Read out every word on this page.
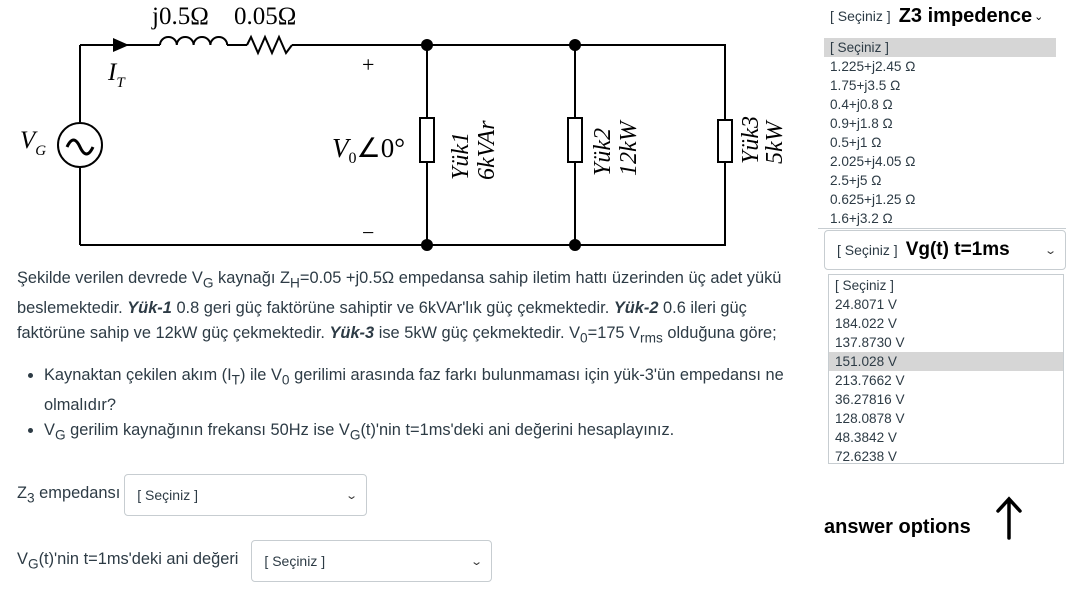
j0.5Ω 0.05Ω
$I_T$
$V_G$
+
−
$V_0\angle 0^\circ$ Yük1 6kVAr	Yük2 12kW	Yük3
5kW

Şekilde verilen devrede $V_G$ kaynağı $Z_H=0.05 +j0.5\Omega$ empedansa sahip iletim hattı üzerinden üç adet yükü beslemektedir. Yük-1 0.8 geri güç faktörüne sahiptir ve 6kVAr'lık güç çekmektedir. Yük-2 0.6 ileri güç faktörüne sahip ve 12kW güç çekmektedir. Yük-3 ise 5kW güç çekmektedir. $V_0=175$ $V_{rms}$ olduğuna göre;

• Kaynaktan çekilen akım $(I_T)$ ile $V_0$ gerilimi arasında faz farkı bulunmaması için yük-3'ün empedansı ne olmalıdır?
• $V_G$ gerilim kaynağının frekansı 50Hz ise $V_G(t)'nin$ t=1ms'deki ani değerini hesaplayınız.
$Z_3$ empedansı [ Seçiniz ]	⌄
$V_G(t)'nin$ t=1ms'deki ani değeri [ Seçiniz ]	⌄
[ Seçiniz ] Z3 impedence ⌄
[ Seçiniz ]
1.225+j2.45 Ω
1.75+j3.5 Ω
0.4+j0.8 Ω
0.9+j1.8 Ω
0.5+j1 Ω
2.025+j4.05 Ω
2.5+j5 Ω
0.625+j1.25 Ω
1.6+j3.2 Ω
[ Seçiniz ] Vg(t) t=1ms	⌄
[ Seçiniz ]
24.8071 V
184.022 V
137.8730 V
151.028 V
213.7662 V
36.27816 V
128.0878 V
48.3842 V
72.6238 V
answer options
